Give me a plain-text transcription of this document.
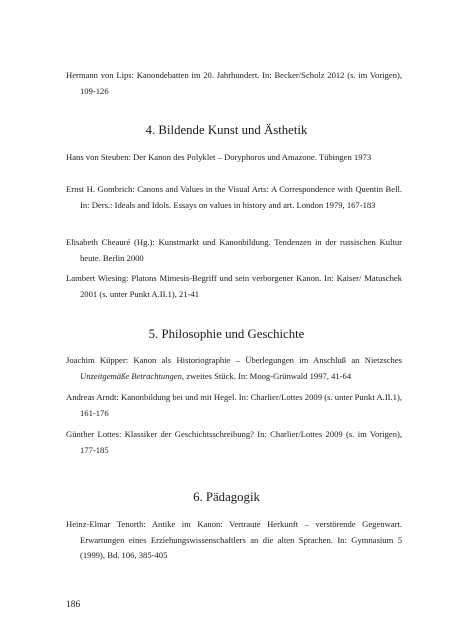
Hermann von Lips: Kanondebatten im 20. Jahrhundert. In: Becker/Scholz 2012 (s. im Vorigen), 109-126
4. Bildende Kunst und Ästhetik
Hans von Steuben: Der Kanon des Polyklet – Doryphoros und Amazone. Tübingen 1973
Ernst H. Gombrich: Canons and Values in the Visual Arts: A Correspondence with Quentin Bell. In: Ders.: Ideals and Idols. Essays on values in history and art. London 1979, 167-183
Elisabeth Cheauré (Hg.): Kunstmarkt und Kanonbildung. Tendenzen in der russischen Kultur heute. Berlin 2000
Lambert Wiesing: Platons Mimesis-Begriff und sein verborgener Kanon. In: Kaiser/ Matuschek 2001 (s. unter Punkt A.II.1), 21-41
5. Philosophie und Geschichte
Joachim Küpper: Kanon als Historiographie – Überlegungen im Anschluß an Nietzsches Unzeitgemäße Betrachtungen, zweites Stück. In: Moog-Grünwald 1997, 41-64
Andreas Arndt: Kanonbildung bei und mit Hegel. In: Charlier/Lottes 2009 (s. unter Punkt A.II.1), 161-176
Günther Lottes: Klassiker der Geschichtsschreibung? In: Charlier/Lottes 2009 (s. im Vorigen), 177-185
6. Pädagogik
Heinz-Elmar Tenorth: Antike im Kanon: Vertraute Herkunft – verstörende Gegenwart. Erwartungen eines Erziehungswissenschaftlers an die alten Sprachen. In: Gymnasium 5 (1999), Bd. 106, 385-405
186
